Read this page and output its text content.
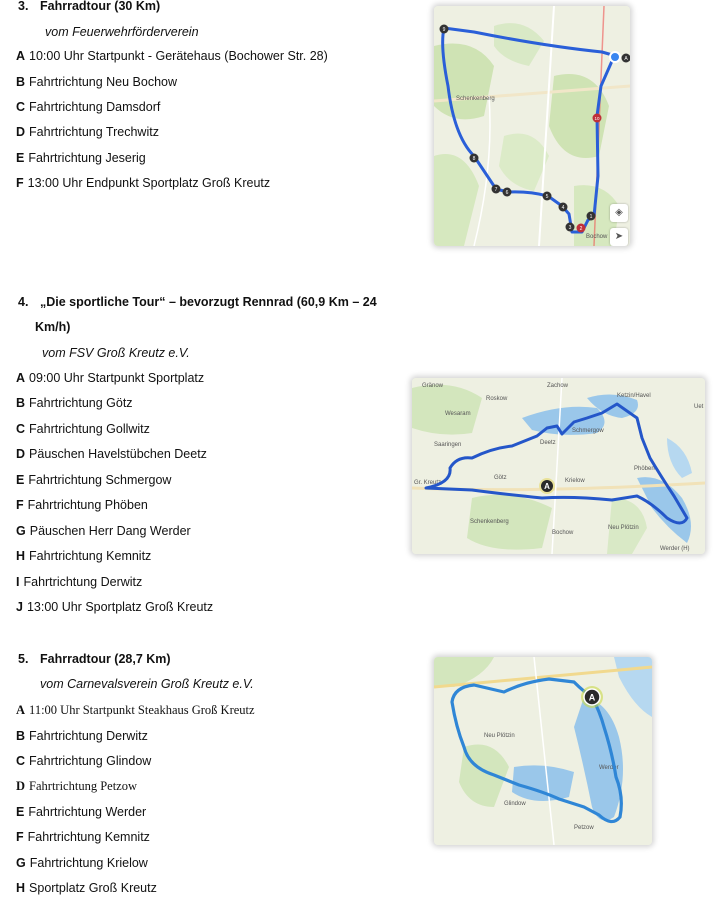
3. Fahrradtour (30 Km)
vom Feuerwehrförderverein
A 10:00 Uhr Startpunkt - Gerätehaus (Bochower Str. 28)
B Fahrtrichtung Neu Bochow
C Fahrtrichtung Damsdorf
D Fahrtrichtung Trechwitz
E Fahrtrichtung Jeserig
F 13:00 Uhr Endpunkt Sportplatz Groß Kreutz
Schenkenberg
Bochow
9
8
7 6
5
4
3 2
1
10
A
◈
➤
4. „Die sportliche Tour“ – bevorzugt Rennrad (60,9 Km – 24
Km/h)
vom FSV Groß Kreutz e.V.
A 09:00 Uhr Startpunkt Sportplatz
B Fahrtrichtung Götz
C Fahrtrichtung Gollwitz
D Päuschen Havelstübchen Deetz
E Fahrtrichtung Schmergow
F Fahrtrichtung Phöben
G Päuschen Herr Dang Werder
H Fahrtrichtung Kemnitz
I Fahrtrichtung Derwitz
J 13:00 Uhr Sportplatz Groß Kreutz
Gränow	Zachow
Roskow	Ketzin/Havel
Wesaram
Saaringen	Deetz
Schmergow
Götz	Krielow
Gr. Kreutz
Schenkenberg
Bochow
Neu Plötzin
Werder (H)
Phöben
Uet
A
5. Fahrradtour (28,7 Km)
vom Carnevalsverein Groß Kreutz e.V.
A 11:00 Uhr Startpunkt Steakhaus Groß Kreutz
B Fahrtrichtung Derwitz
C Fahrtrichtung Glindow
D Fahrtrichtung Petzow
E Fahrtrichtung Werder
F Fahrtrichtung Kemnitz
G Fahrtrichtung Krielow
H Sportplatz Groß Kreutz
Neu Plötzin
Werder
Glindow
Petzow
A
